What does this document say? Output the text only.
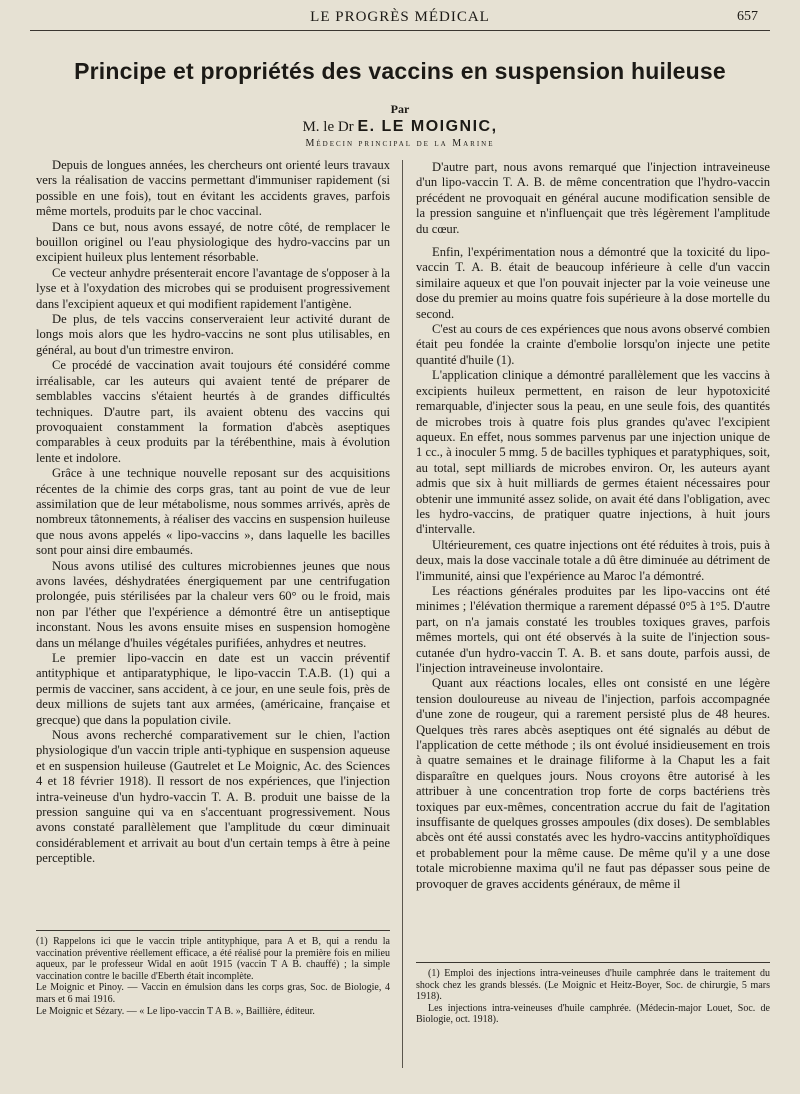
LE PROGRÈS MÉDICAL	657
Principe et propriétés des vaccins en suspension huileuse
Par
M. le Dr E. LE MOIGNIC,
Médecin principal de la Marine

Depuis de longues années, les chercheurs ont orienté leurs travaux vers la réalisation de vaccins permettant d'immuniser rapidement (si possible en une fois), tout en évitant les accidents graves, parfois même mortels, produits par le choc vaccinal.

Dans ce but, nous avons essayé, de notre côté, de remplacer le bouillon originel ou l'eau physiologique des hydro-vaccins par un excipient huileux plus lentement résorbable.

Ce vecteur anhydre présenterait encore l'avantage de s'opposer à la lyse et à l'oxydation des microbes qui se produisent progressivement dans l'excipient aqueux et qui modifient rapidement l'antigène.

De plus, de tels vaccins conserveraient leur activité durant de longs mois alors que les hydro-vaccins ne sont plus utilisables, en général, au bout d'un trimestre environ.

Ce procédé de vaccination avait toujours été considéré comme irréalisable, car les auteurs qui avaient tenté de préparer de semblables vaccins s'étaient heurtés à de grandes difficultés techniques. D'autre part, ils avaient obtenu des vaccins qui provoquaient constamment la formation d'abcès aseptiques comparables à ceux produits par la térébenthine, mais à évolution lente et indolore.

Grâce à une technique nouvelle reposant sur des acquisitions récentes de la chimie des corps gras, tant au point de vue de leur assimilation que de leur métabolisme, nous sommes arrivés, après de nombreux tâtonnements, à réaliser des vaccins en suspension huileuse que nous avons appelés « lipo-vaccins », dans laquelle les bacilles sont pour ainsi dire embaumés.

Nous avons utilisé des cultures microbiennes jeunes que nous avons lavées, déshydratées énergiquement par une centrifugation prolongée, puis stérilisées par la chaleur vers 60° ou le froid, mais non par l'éther que l'expérience a démontré être un antiseptique inconstant. Nous les avons ensuite mises en suspension homogène dans un mélange d'huiles végétales purifiées, anhydres et neutres.

Le premier lipo-vaccin en date est un vaccin préventif antityphique et antiparatyphique, le lipo-vaccin T.A.B. (1) qui a permis de vacciner, sans accident, à ce jour, en une seule fois, près de deux millions de sujets tant aux armées, (américaine, française et grecque) que dans la population civile.

Nous avons recherché comparativement sur le chien, l'action physiologique d'un vaccin triple anti-typhique en suspension aqueuse et en suspension huileuse (Gautrelet et Le Moignic, Ac. des Sciences 4 et 18 février 1918). Il ressort de nos expériences, que l'injection intra-veineuse d'un hydro-vaccin T. A. B. produit une baisse de la pression sanguine qui va en s'accentuant progressivement. Nous avons constaté parallèlement que l'amplitude du cœur diminuait considérablement et arrivait au bout d'un certain temps à être à peine perceptible.

D'autre part, nous avons remarqué que l'injection intraveineuse d'un lipo-vaccin T. A. B. de même concentration que l'hydro-vaccin précédent ne provoquait en général aucune modification sensible de la pression sanguine et n'influençait que très légèrement l'amplitude du cœur.

Enfin, l'expérimentation nous a démontré que la toxicité du lipo-vaccin T. A. B. était de beaucoup inférieure à celle d'un vaccin similaire aqueux et que l'on pouvait injecter par la voie veineuse une dose du premier au moins quatre fois supérieure à la dose mortelle du second.

C'est au cours de ces expériences que nous avons observé combien était peu fondée la crainte d'embolie lorsqu'on injecte une petite quantité d'huile (1).

L'application clinique a démontré parallèlement que les vaccins à excipients huileux permettent, en raison de leur hypotoxicité remarquable, d'injecter sous la peau, en une seule fois, des quantités de microbes trois à quatre fois plus grandes qu'avec l'excipient aqueux. En effet, nous sommes parvenus par une injection unique de 1 cc., à inoculer 5 mmg. 5 de bacilles typhiques et paratyphiques, soit, au total, sept milliards de microbes environ. Or, les auteurs ayant admis que six à huit milliards de germes étaient nécessaires pour obtenir une immunité assez solide, on avait été dans l'obligation, avec les hydro-vaccins, de pratiquer quatre injections, à huit jours d'intervalle.

Ultérieurement, ces quatre injections ont été réduites à trois, puis à deux, mais la dose vaccinale totale a dû être diminuée au détriment de l'immunité, ainsi que l'expérience au Maroc l'a démontré.

Les réactions générales produites par les lipo-vaccins ont été minimes ; l'élévation thermique a rarement dépassé 0°5 à 1°5. D'autre part, on n'a jamais constaté les troubles toxiques graves, parfois mêmes mortels, qui ont été observés à la suite de l'injection sous-cutanée d'un hydro-vaccin T. A. B. et sans doute, parfois aussi, de l'injection intraveineuse involontaire.

Quant aux réactions locales, elles ont consisté en une légère tension douloureuse au niveau de l'injection, parfois accompagnée d'une zone de rougeur, qui a rarement persisté plus de 48 heures. Quelques très rares abcès aseptiques ont été signalés au début de l'application de cette méthode ; ils ont évolué insidieusement en trois à quatre semaines et le drainage filiforme à la Chaput les a fait disparaître en quelques jours. Nous croyons être autorisé à les attribuer à une concentration trop forte de corps bactériens très toxiques par eux-mêmes, concentration accrue du fait de l'agitation insuffisante de quelques grosses ampoules (dix doses). De semblables abcès ont été aussi constatés avec les hydro-vaccins antityphoïdiques et probablement pour la même cause. De même qu'il y a une dose totale microbienne maxima qu'il ne faut pas dépasser sous peine de provoquer de graves accidents généraux, de même il

(1) Rappelons ici que le vaccin triple antityphique, para A et B, qui a rendu la vaccination préventive réellement efficace, a été réalisé pour la première fois en milieu aqueux, par le professeur Widal en août 1915 (vaccin T A B. chauffé) ; la simple vaccination contre le bacille d'Eberth était incomplète.

Le Moignic et Pinoy. — Vaccin en émulsion dans les corps gras, Soc. de Biologie, 4 mars et 6 mai 1916.

Le Moignic et Sézary. — « Le lipo-vaccin T A B. », Baillière, éditeur.

(1) Emploi des injections intra-veineuses d'huile camphrée dans le traitement du shock chez les grands blessés. (Le Moignic et Heitz-Boyer, Soc. de chirurgie, 5 mars 1918).

Les injections intra-veineuses d'huile camphrée. (Médecin-major Louet, Soc. de Biologie, oct. 1918).
